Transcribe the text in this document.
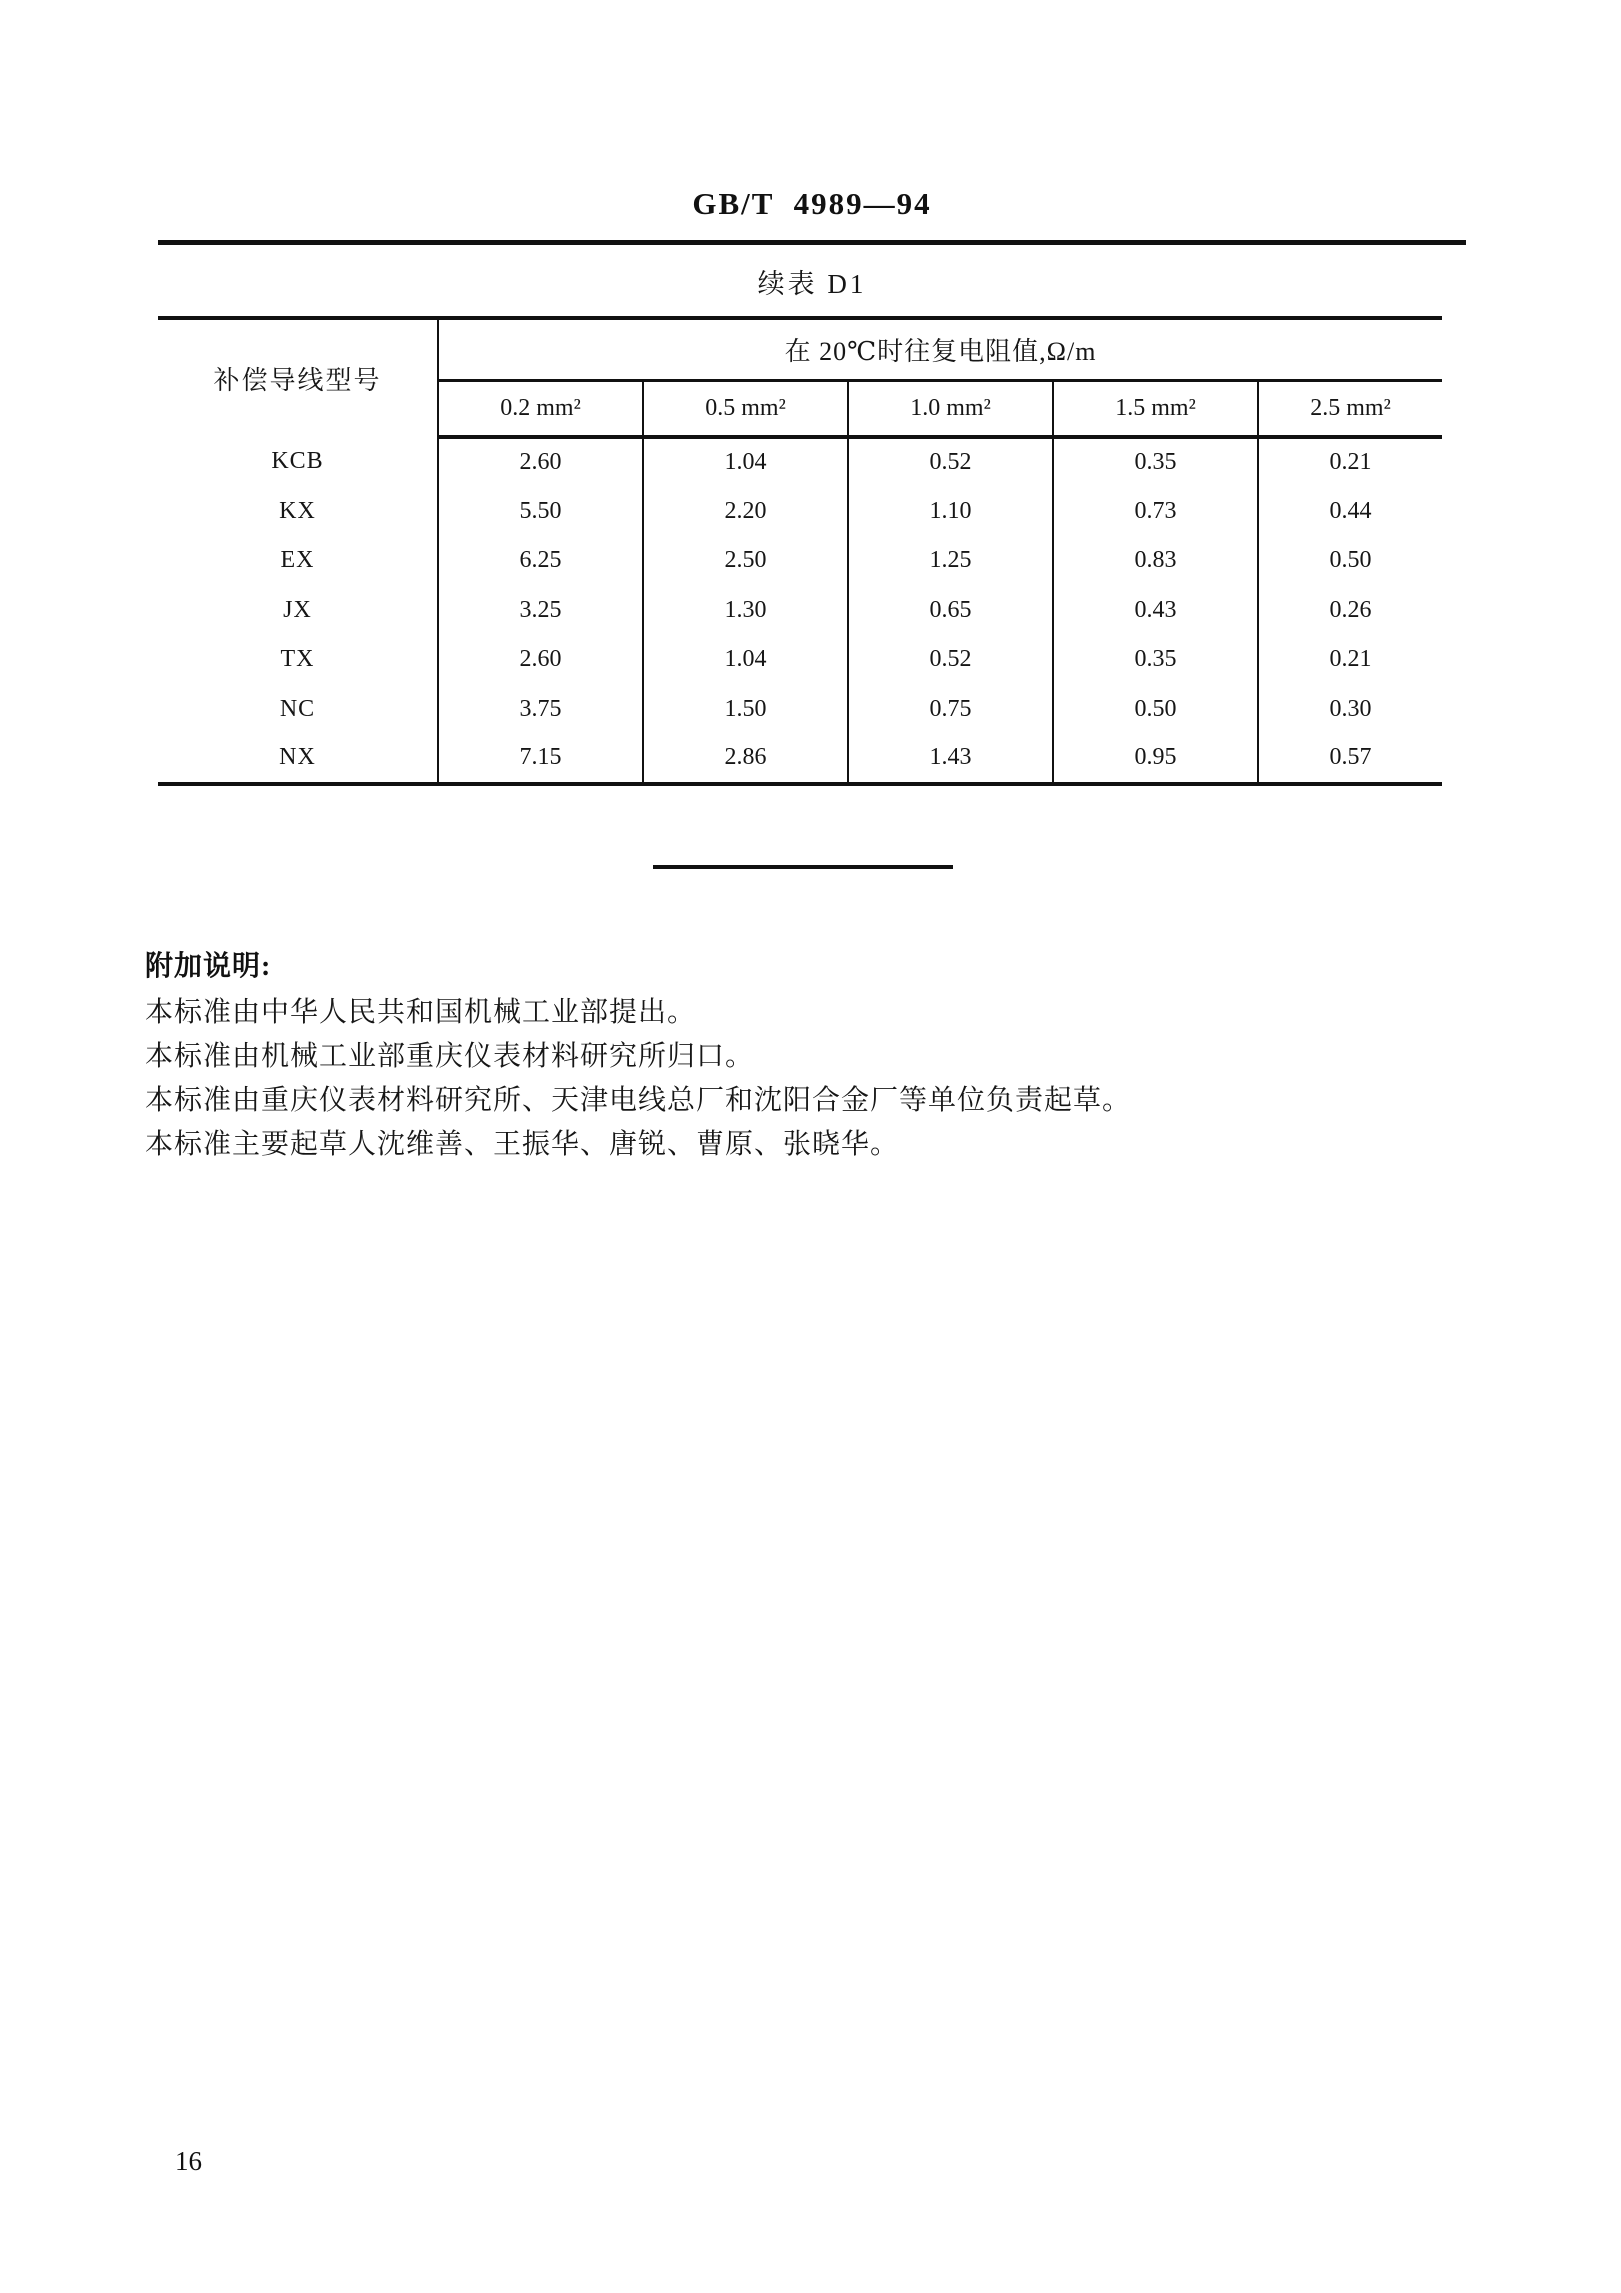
GB/T 4989—94
续表 D1
补偿导线型号	在 20℃时往复电阻值,Ω/m				
	0.2 mm²	0.5 mm²	1.0 mm²	1.5 mm²	2.5 mm²
KCB	2.60	1.04	0.52	0.35	0.21
KX	5.50	2.20	1.10	0.73	0.44
EX	6.25	2.50	1.25	0.83	0.50
JX	3.25	1.30	0.65	0.43	0.26
TX	2.60	1.04	0.52	0.35	0.21
NC	3.75	1.50	0.75	0.50	0.30
NX	7.15	2.86	1.43	0.95	0.57
附加说明:
本标准由中华人民共和国机械工业部提出。
本标准由机械工业部重庆仪表材料研究所归口。
本标准由重庆仪表材料研究所、天津电线总厂和沈阳合金厂等单位负责起草。
本标准主要起草人沈维善、王振华、唐锐、曹原、张晓华。
16
